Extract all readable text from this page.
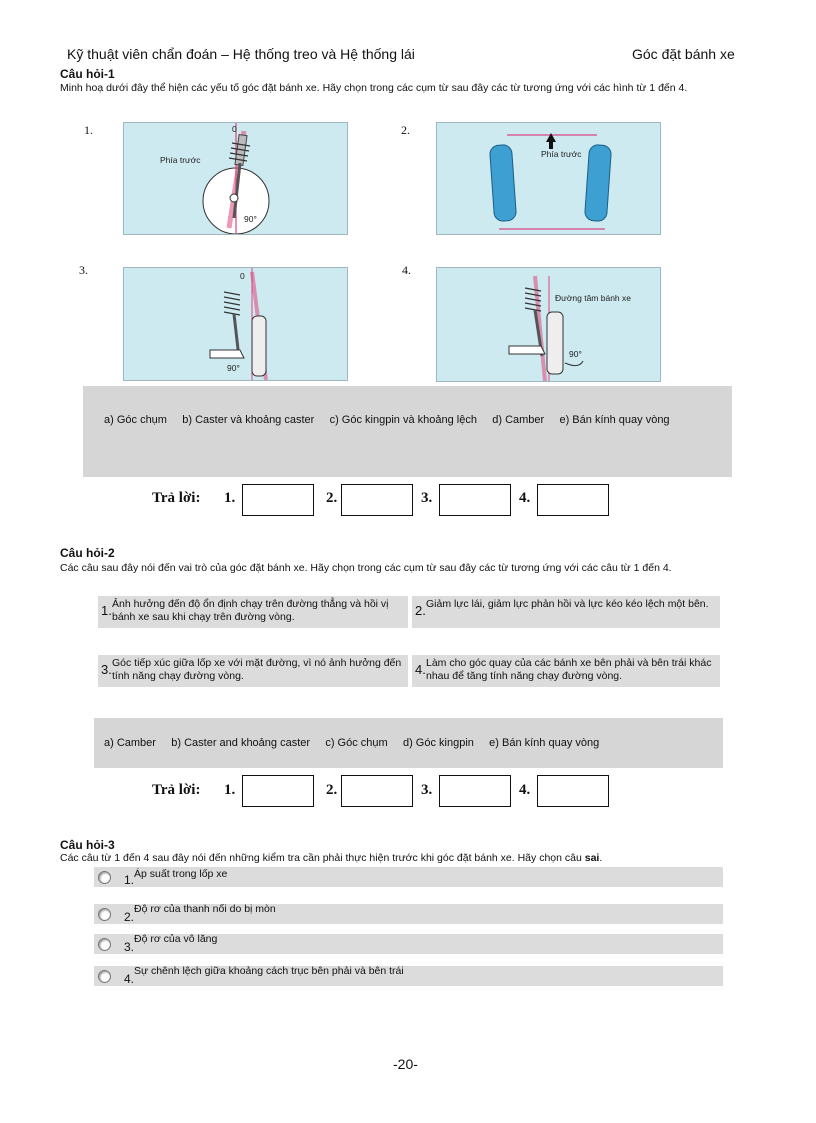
Kỹ thuật viên chẩn đoán – Hệ thống treo và Hệ thống lái	Góc đặt bánh xe
Câu hỏi-1
Minh hoạ dưới đây thể hiện các yếu tố góc đặt bánh xe. Hãy chọn trong các cụm từ sau đây các từ tương ứng với các hình từ 1 đến 4.
1.	0
Phía trước
90°
2.
Phía trước
3.	0
90°
4.
Đường tâm bánh xe
90°
a) Góc chụm     b) Caster và khoảng caster     c) Góc kingpin và khoảng lệch     d) Camber     e) Bán kính quay vòng
Trả lời: 1.	2.	3.	4.
Câu hỏi-2
Các câu sau đây nói đến vai trò của góc đặt bánh xe. Hãy chọn trong các cụm từ sau đây các từ tương ứng với các câu từ 1 đến 4.
1. Ảnh hưởng đến độ ổn định chạy trên đường thẳng và hồi vị bánh xe sau khi chạy trên đường vòng.	2. Giảm lực lái, giảm lực phản hồi và lực kéo kéo lệch một bên.
3. Góc tiếp xúc giữa lốp xe với mặt đường, vì nó ảnh hưởng đến tính năng chạy đường vòng.	4. Làm cho góc quay của các bánh xe bên phải và bên trái khác nhau để tăng tính năng chạy đường vòng.
a) Camber     b) Caster and khoảng caster     c) Góc chụm     d) Góc kingpin     e) Bán kính quay vòng
Trả lời: 1.	2.	3.	4.
Câu hỏi-3
Các câu từ 1 đến 4 sau đây nói đến những kiểm tra cần phải thực hiện trước khi góc đặt bánh xe. Hãy chọn câu sai.
1. Áp suất trong lốp xe
2.
Độ rơ của thanh nối do bị mòn
3.
Độ rơ của vô lăng
4.
Sự chênh lệch giữa khoảng cách trục bên phải và bên trái
-20-
